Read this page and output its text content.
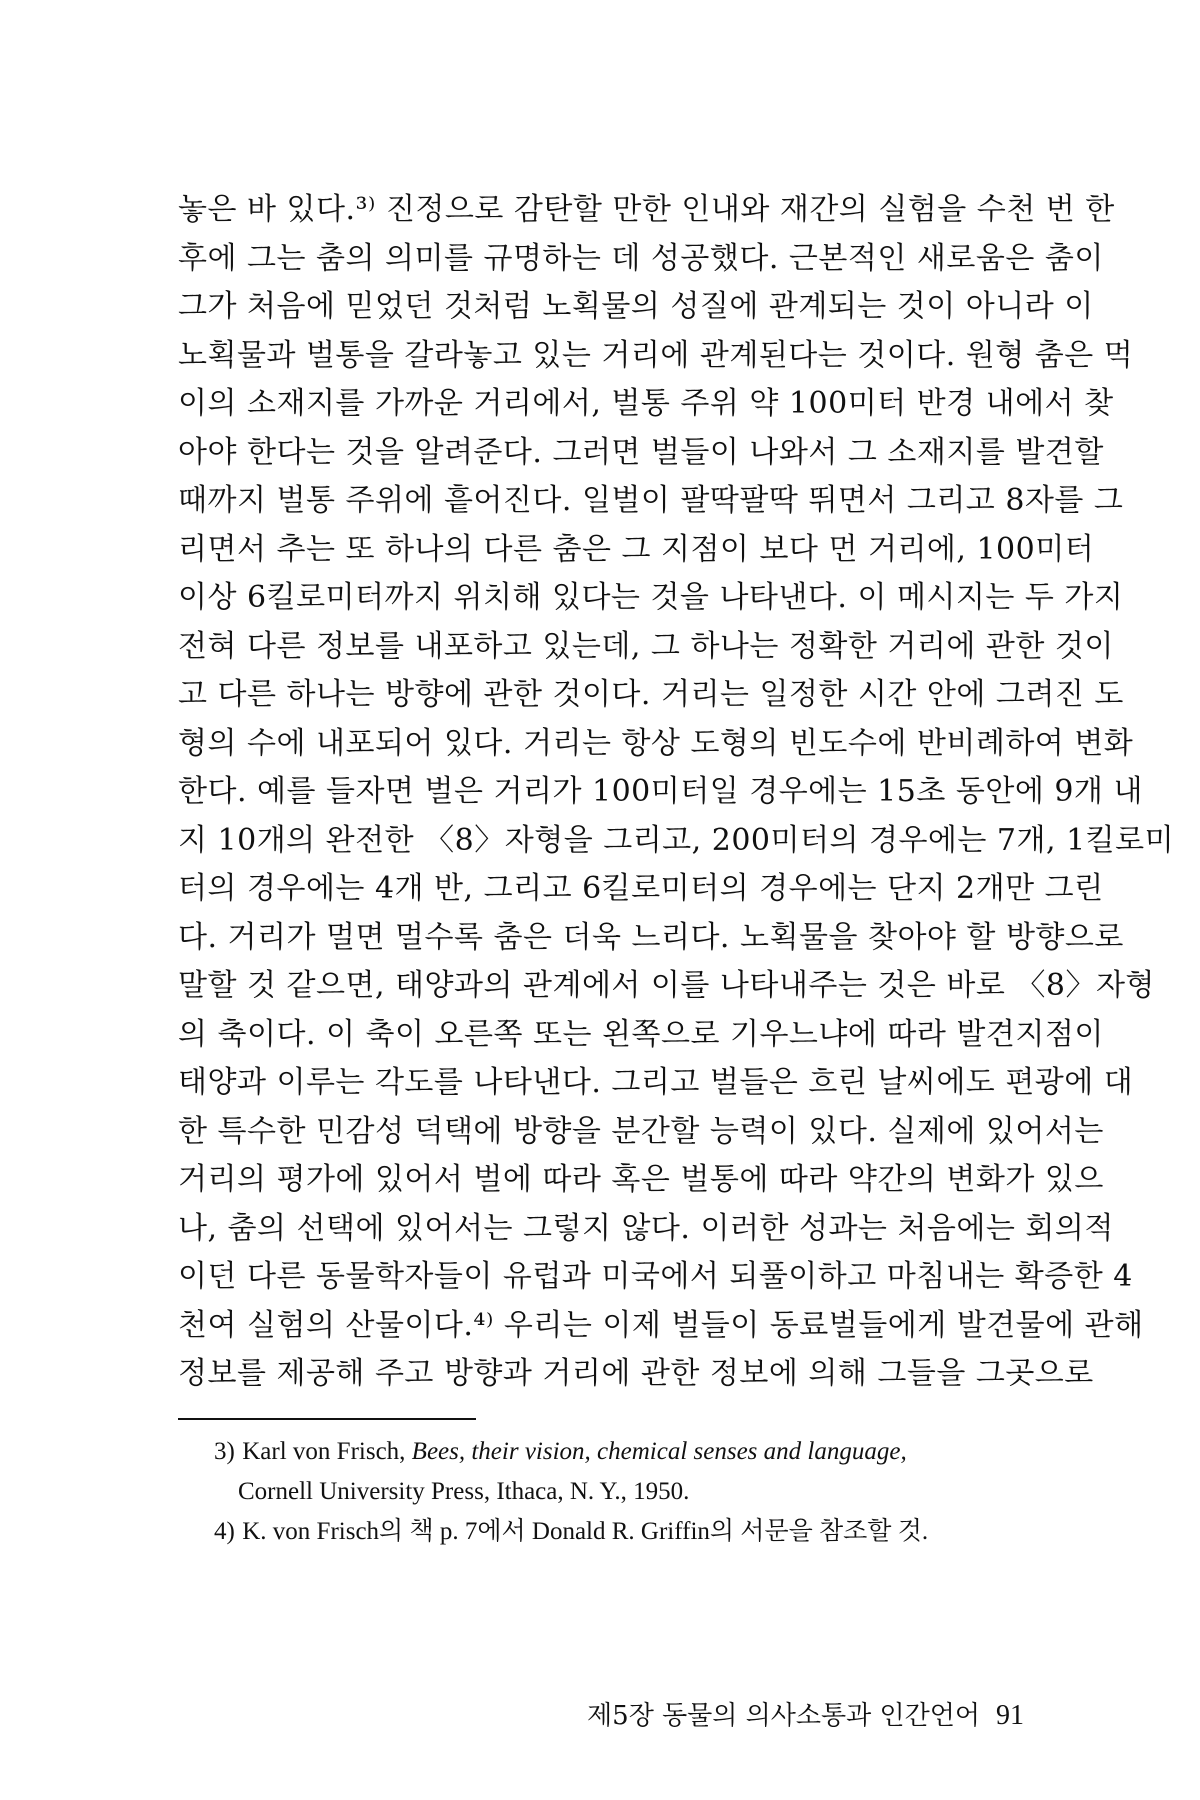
놓은 바 있다.³⁾ 진정으로 감탄할 만한 인내와 재간의 실험을 수천 번 한
후에 그는 춤의 의미를 규명하는 데 성공했다. 근본적인 새로움은 춤이
그가 처음에 믿었던 것처럼 노획물의 성질에 관계되는 것이 아니라 이
노획물과 벌통을 갈라놓고 있는 거리에 관계된다는 것이다. 원형 춤은 먹
이의 소재지를 가까운 거리에서, 벌통 주위 약 100미터 반경 내에서 찾
아야 한다는 것을 알려준다. 그러면 벌들이 나와서 그 소재지를 발견할
때까지 벌통 주위에 흩어진다. 일벌이 팔딱팔딱 뛰면서 그리고 8자를 그
리면서 추는 또 하나의 다른 춤은 그 지점이 보다 먼 거리에, 100미터
이상 6킬로미터까지 위치해 있다는 것을 나타낸다. 이 메시지는 두 가지
전혀 다른 정보를 내포하고 있는데, 그 하나는 정확한 거리에 관한 것이
고 다른 하나는 방향에 관한 것이다. 거리는 일정한 시간 안에 그려진 도
형의 수에 내포되어 있다. 거리는 항상 도형의 빈도수에 반비례하여 변화
한다. 예를 들자면 벌은 거리가 100미터일 경우에는 15초 동안에 9개 내
지 10개의 완전한 〈8〉자형을 그리고, 200미터의 경우에는 7개, 1킬로미
터의 경우에는 4개 반, 그리고 6킬로미터의 경우에는 단지 2개만 그린
다. 거리가 멀면 멀수록 춤은 더욱 느리다. 노획물을 찾아야 할 방향으로
말할 것 같으면, 태양과의 관계에서 이를 나타내주는 것은 바로 〈8〉자형
의 축이다. 이 축이 오른쪽 또는 왼쪽으로 기우느냐에 따라 발견지점이
태양과 이루는 각도를 나타낸다. 그리고 벌들은 흐린 날씨에도 편광에 대
한 특수한 민감성 덕택에 방향을 분간할 능력이 있다. 실제에 있어서는
거리의 평가에 있어서 벌에 따라 혹은 벌통에 따라 약간의 변화가 있으
나, 춤의 선택에 있어서는 그렇지 않다. 이러한 성과는 처음에는 회의적
이던 다른 동물학자들이 유럽과 미국에서 되풀이하고 마침내는 확증한 4
천여 실험의 산물이다.⁴⁾ 우리는 이제 벌들이 동료벌들에게 발견물에 관해
정보를 제공해 주고 방향과 거리에 관한 정보에 의해 그들을 그곳으로
3) Karl von Frisch, Bees, their vision, chemical senses and language,
Cornell University Press, Ithaca, N. Y., 1950.
4) K. von Frisch의 책 p. 7에서 Donald R. Griffin의 서문을 참조할 것.
제5장 동물의 의사소통과 인간언어 91
